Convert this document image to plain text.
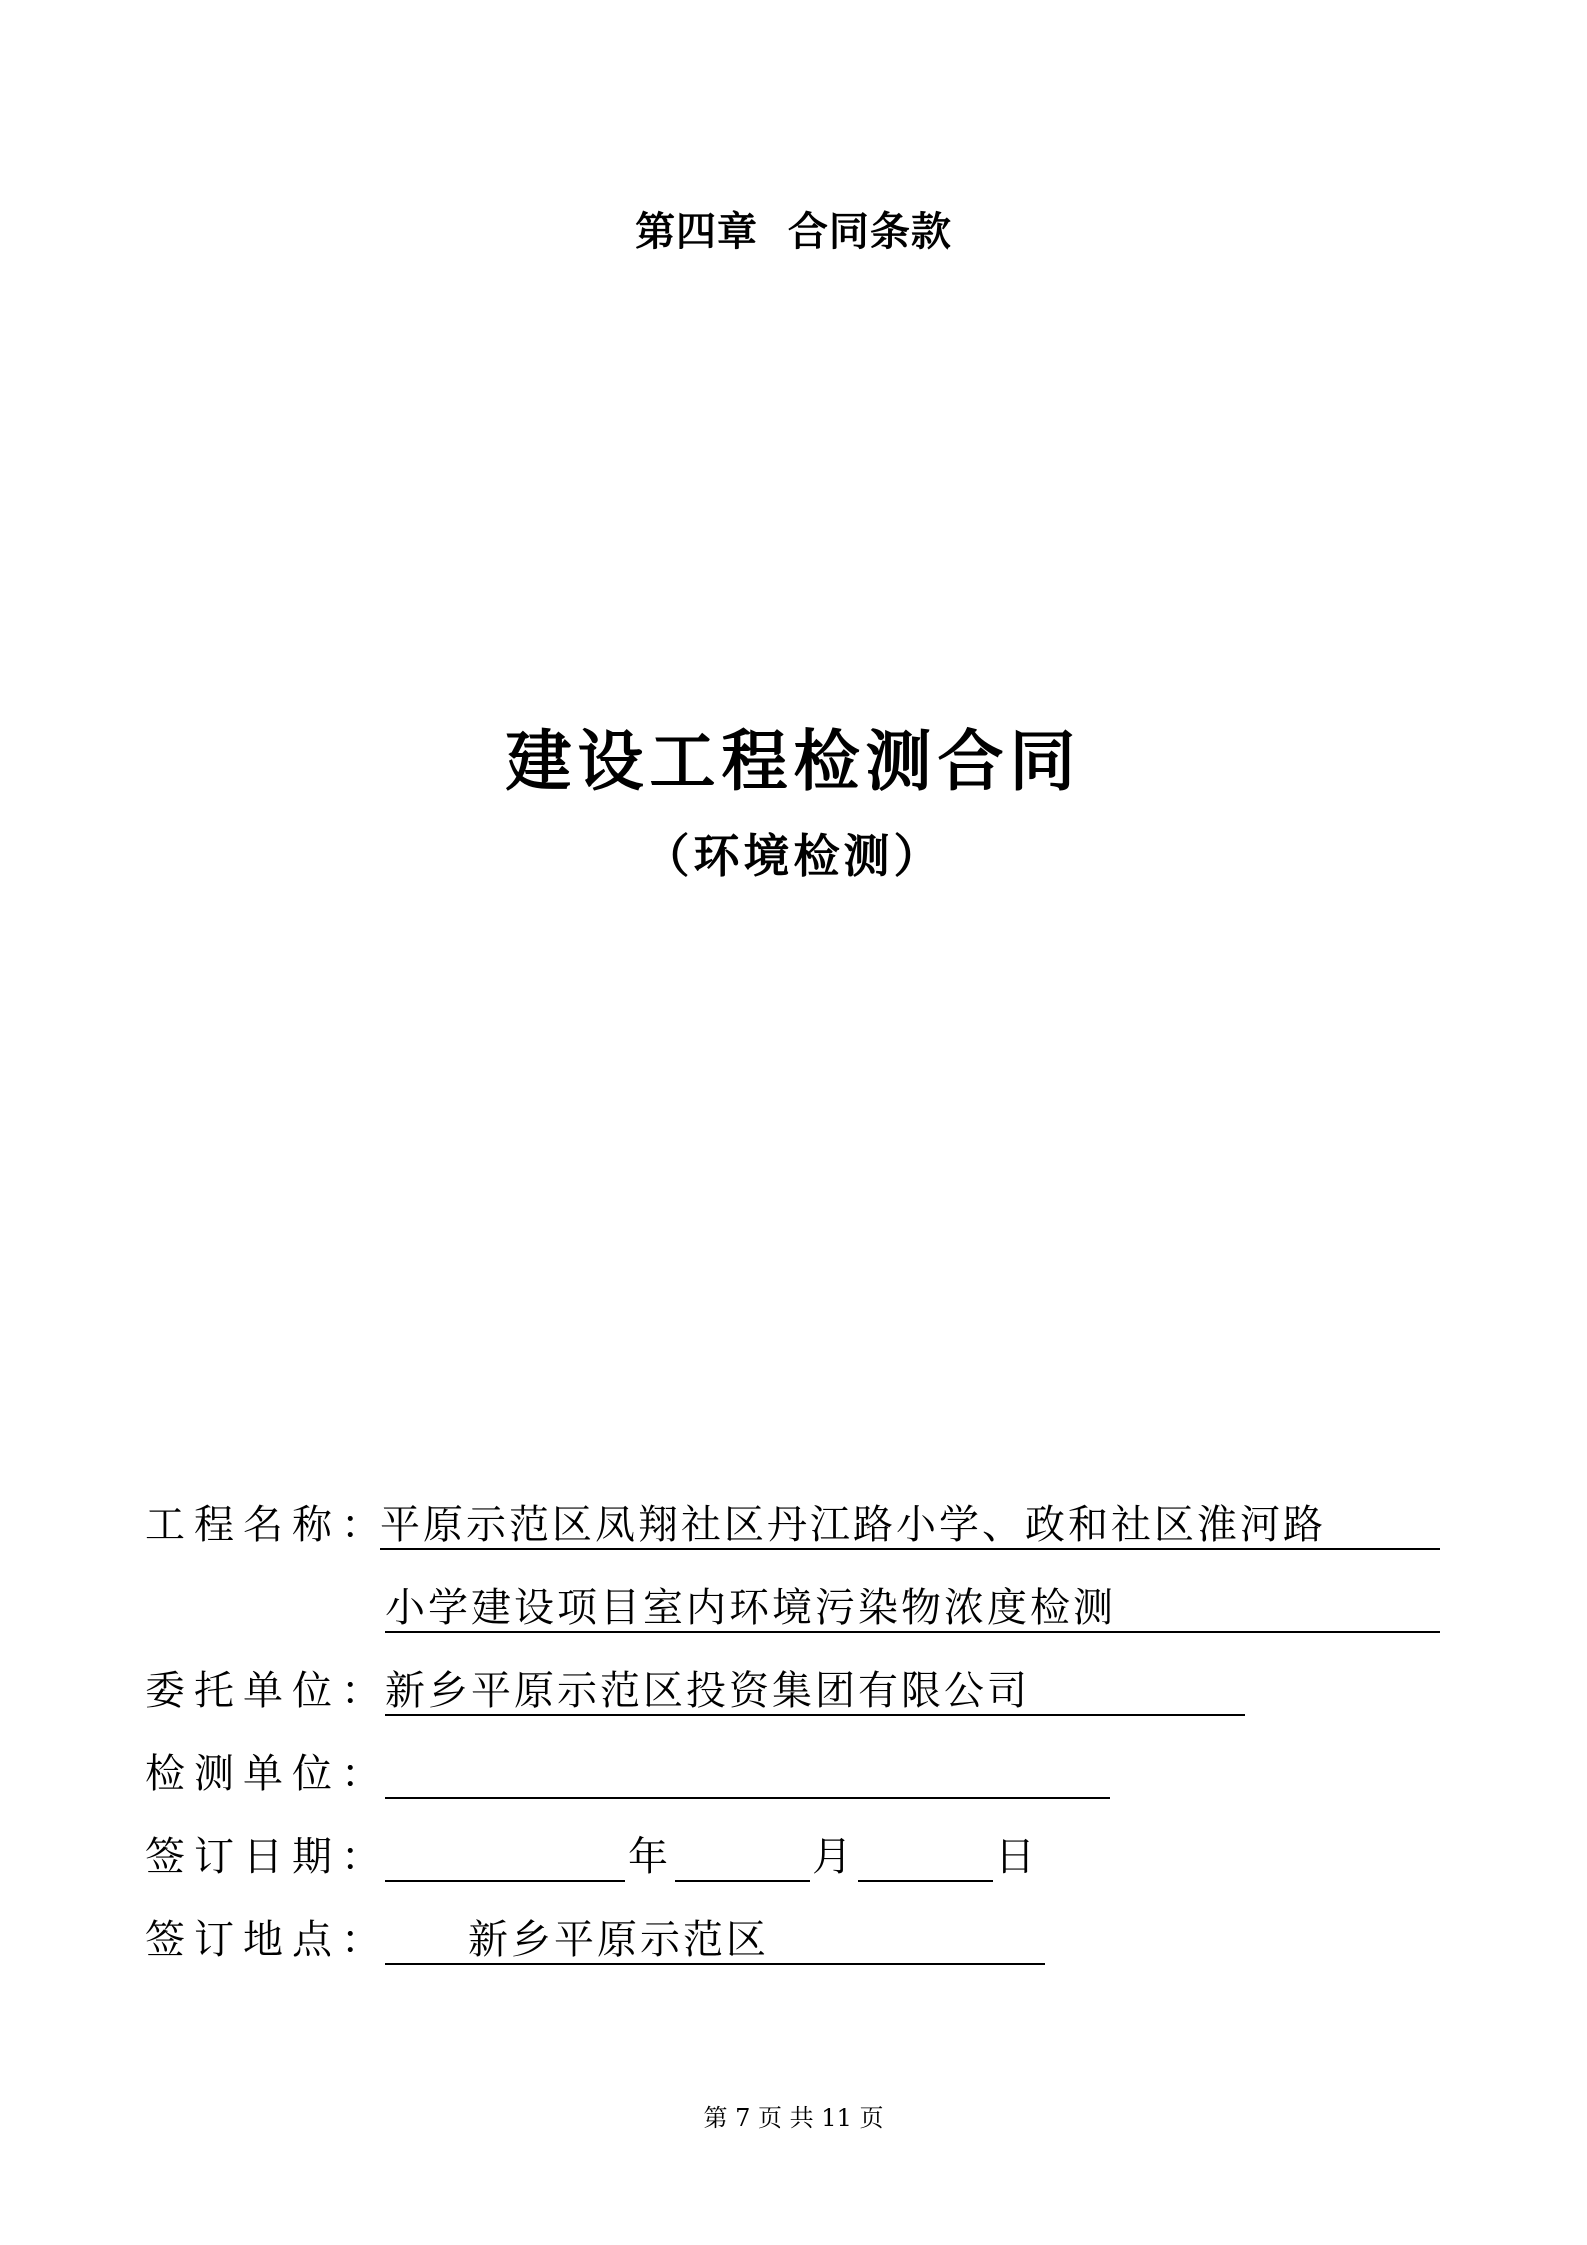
第四章  合同条款
建设工程检测合同
（环境检测）
工程名称：
平原示范区凤翔社区丹江路小学、政和社区淮河路
小学建设项目室内环境污染物浓度检测
委托单位：
新乡平原示范区投资集团有限公司
检测单位：
签订日期：	年	月	日
签订地点： 新乡平原示范区
第 7 页 共 11 页
